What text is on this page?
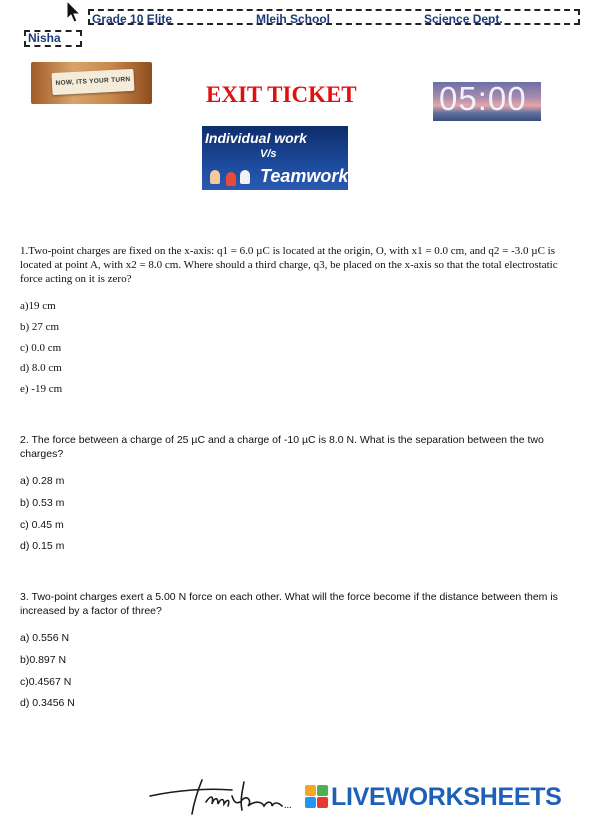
Grade 10 Elite	Mleih School	Science Dept.
Nisha
NOW, ITS YOUR TURN
EXIT TICKET 05:00
Individual work
V/s
Teamwork
1.Two-point charges are fixed on the x-axis: q1 = 6.0 µC is located at the origin, O, with x1 = 0.0 cm, and q2 = -3.0 µC is located at point A, with x2 = 8.0 cm. Where should a third charge, q3, be placed on the x-axis so that the total electrostatic force acting on it is zero?
a)19 cm
b) 27 cm
c) 0.0 cm
d) 8.0 cm
e) -19 cm
2. The force between a charge of 25 µC and a charge of -10 µC is 8.0 N. What is the separation between the two charges?
a) 0.28 m
b) 0.53 m
c) 0.45 m
d) 0.15 m
3. Two-point charges exert a 5.00 N force on each other. What will the force become if the distance between them is increased by a factor of three?
a) 0.556 N
b)0.897 N
c)0.4567 N
d) 0.3456 N
... LIVEWORKSHEETS
